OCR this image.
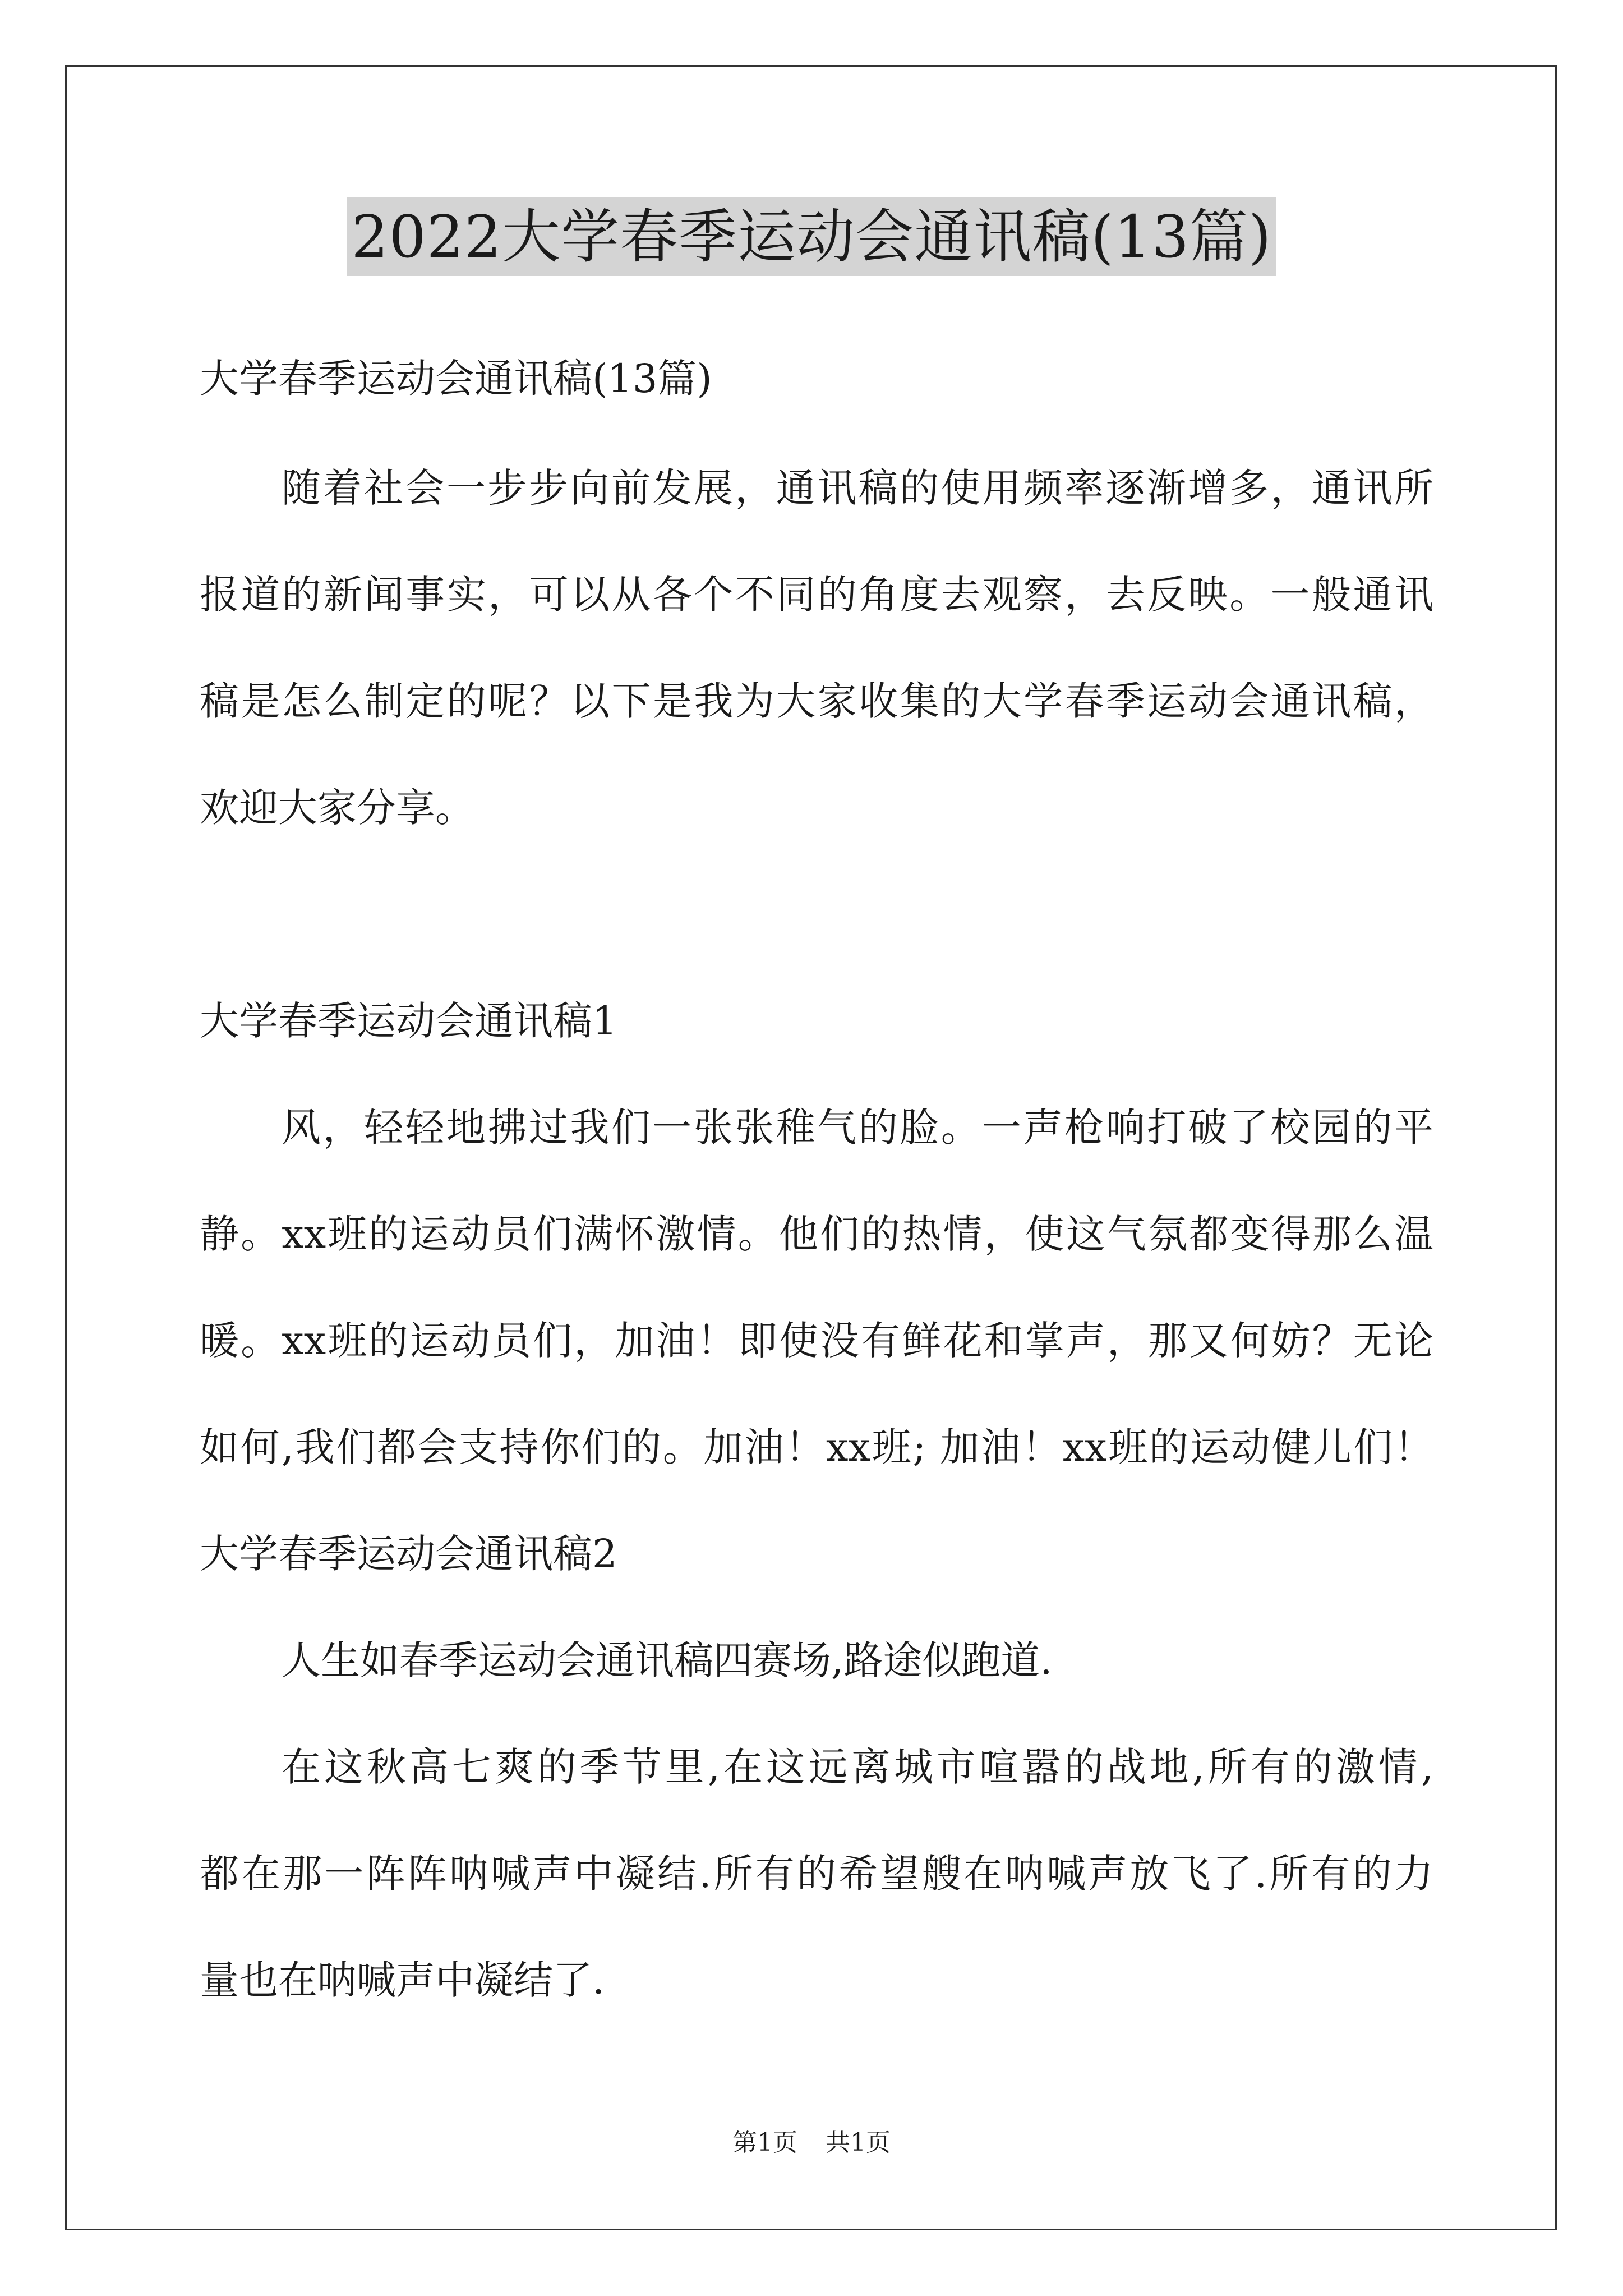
2022大学春季运动会通讯稿(13篇)
大学春季运动会通讯稿(13篇)
随着社会一步步向前发展，通讯稿的使用频率逐渐增多，通讯所
报道的新闻事实，可以从各个不同的角度去观察，去反映。一般通讯
稿是怎么制定的呢？以下是我为大家收集的大学春季运动会通讯稿，
欢迎大家分享。
大学春季运动会通讯稿1
风，轻轻地拂过我们一张张稚气的脸。一声枪响打破了校园的平
静。xx班的运动员们满怀激情。他们的热情，使这气氛都变得那么温
暖。xx班的运动员们，加油！即使没有鲜花和掌声，那又何妨？无论
如何,我们都会支持你们的。加油！xx班; 加油！xx班的运动健儿们！
大学春季运动会通讯稿2
人生如春季运动会通讯稿四赛场,路途似跑道.
在这秋高七爽的季节里,在这远离城市喧嚣的战地,所有的激情,
都在那一阵阵呐喊声中凝结.所有的希望艘在呐喊声放飞了.所有的力
量也在呐喊声中凝结了.
第1页 共1页
